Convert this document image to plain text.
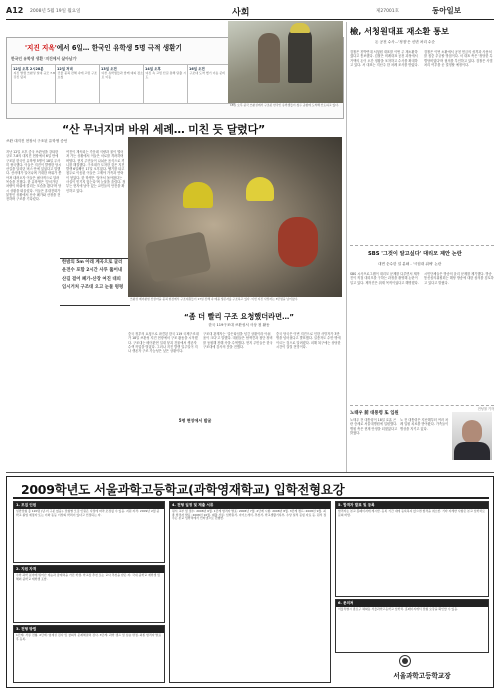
A12 2008년 5월 19일 월요일	사회	제27001호	동아일보
'지진 지옥'에서 6일… 한국인 유학생 5명 극적 생환기
한국인 유학생 생환 '지진에서 살아남기'
12일 오후 2시28분
지진 발생 쓰촨성 일대 규모 7.8 강진 덮쳐
12일 저녁
건물 붕괴 잔해 속에 고립 구조 요청
13일 오전
다른 유학생들과 함께 대피 장소로 이동
14일 오후
여진 속 고립 산길 통해 탈출 시도
16일 오전
구조대 도착 헬기 이송 준비
18일 오후 중국 쓰촨성에서 구조된 한국인 유학생들이 청두 공항에 도착해 안도하고 있다.
“산 무너지며 바위 세례… 미친 듯 달렸다”
쓰촨 대지진 현장서 구조된 유학생 증언
지난 12일 오후 중국 쓰촨성을 강타한 규모 7.8의 대지진 현장에서 6일 만에 구조된 한국인 유학생 5명이 18일 무사히 귀국했다. 이들은 지진이 발생한 당시 산길을 달리던 버스 안에 있었다고 말했다. 산사태가 일어나며 거대한 바위가 쏟아져 내려오자 이들은 필사적으로 달려 목숨을 건졌다. 한 유학생은 '앞서가던 차량이 바위에 깔리는 모습을 봤다'며 당시 상황을 떠올렸다. 이들은 휴대전화가 불통인 상황에서 산속 폐가와 산장을 전전하며 구조를 기다렸다.
여진이 계속되는 가운데 식량과 물이 떨어져 가는 상황에서 이들은 서로를 격려하며 버텼다. 현지 주민들이 나눠준 음식으로 끼니를 해결했다. 구조대가 도착한 것은 지진 발생 6일째인 17일 오후였다. 헬기를 타고 청두로 이송된 이들은 그제야 가족과 연락이 닿았다. 한 학생은 '살아서 돌아왔다는 사실이 믿기지 않는다'며 눈물을 흘렸다. 정부는 현지에 남아 있는 교민들의 안전을 확인하고 있다.
한밤의 5m 아래 계곡으로 굴러
운전수 포함 2시간 사투 뚫어내
산길 걸어 폐가-산장 여진 대피
임시거처 구조대 오고 눈물 펑펑
쓰촨성 베이촨현 산골마을 붕괴 현장에서 구조대원들이 17일 잔해 속 매몰 생존자를 구조하고 있다. 이번 지진 사망자는 3만명을 넘어섰다.
“좀 더 빨리 구조 요청했더라면…”
한국 119구조대 쓰촨성서 사상 첫 활동
중국 정부의 요청으로 파견된 한국 119 국제구조대가 18일 쓰촨성 지진 현장에서 구조 활동을 시작했다. 구조대는 베이촨현 일대 붕괴 건물에서 생존자 수색 작업을 벌였다. 그러나 지진 발생 일주일이 지나 생존자 구조 가능성은 낮은 상황이다.
구조대 관계자는 '골든타임을 넘긴 상황이라 아쉬움이 크다'고 말했다. 대원들은 탐색견과 첨단 장비를 동원해 잔해 속을 수색했다. 현지 주민들은 한국 구조대에 감사의 뜻을 전했다.
중국 당국은 이번 지진으로 인한 사망자가 3만 명을 넘어섰다고 발표했다. 실종자도 수만 명에 이르는 것으로 알려졌다. 피해 복구에는 상당한 시간이 걸릴 전망이다.
5명 현장에서 발굴
檢, 서청원대표 재소환 통보
돈 공천 수사…'정점'은 신변 처리 수순
검찰은 친박연대 서청원 대표를 이번 주 재소환하겠다고 통보했다. 검찰은 비례대표 공천 과정에서 거액의 돈이 오간 정황을 포착하고 수사를 확대하고 있다. 서 대표는 지난주 한 차례 조사를 받았다.
검찰은 이번 소환에서 공천 헌금의 성격과 사용처를 집중 추궁할 방침이다. 서 대표 측은 '정당한 특별당비였다'며 혐의를 부인하고 있다. 검찰은 사법처리 여부를 곧 결정할 예정이다.
SBS '그것이 알고싶다' 대리모 제안 논란
대면 순수한 얼 분쇄 - '시험대 위에' 논란
SBS 시사프로그램이 대리모 문제를 다루면서 제작진이 직접 대리모를 구하는 과정을 촬영해 논란이 일고 있다. 제작진은 취재 목적이었다고 해명했다.
시민단체들은 방송의 윤리 문제를 제기했다. 방송통신심의위원회는 해당 방송에 대한 심의를 검토하고 있다고 밝혔다.
전성철 기자
노태우 前 대통령 또 입원
노태우 전 대통령이 18일 호흡 곤란 증세로 서울대병원에 입원했다. 병원 측은 현재 안정을 되찾았다고 밝혔다.
노 전 대통령은 지난해부터 여러 차례 입원 치료를 받아왔다. 가족들이 병상을 지키고 있다.
2009학년도 서울과학고등학교(과학영재학교) 입학전형요강
1. 모집 인원
일반전형 총 120명 (남·녀 구분 없음). 전형별 모집 인원은 사정에 따라 조정될 수 있음. 지원 자격: 2009년 2월 중학교 졸업 예정자 또는 이와 동등 이상의 학력이 있다고 인정되는 자.
2. 지원 자격
수학·과학 분야에 뛰어난 재능과 잠재력을 가진 학생. 학교장 추천 또는 교사 추천을 받은 자. 국내 중학교 재학생 및 해외 중학교 재학생 포함.
3. 전형 방법
1단계: 서류 전형. 2단계: 영재성 검사 및 창의적 문제해결력 검사. 3단계: 과학 캠프 및 심층 면접. 최종 합격자 발표 후 등록.
4. 전형 일정 및 제출 서류
원서 교부 및 접수: 2008년 6월. 1단계 합격자 발표: 2008년 7월. 2단계 시험: 2008년 8월. 3단계 캠프: 2008년 9월. 최종 합격자 발표: 2008년 10월. 제출 서류: 입학원서, 자기소개서, 추천서, 학교생활기록부, 수상 실적 증빙 자료 등. 원서 접수는 본교 입학처에서 인터넷으로 진행함.
5. 합격자 발표 및 등록
합격자는 본교 홈페이지에 게시함. 등록 기간 내에 등록하지 않으면 합격을 취소함. 기타 자세한 사항은 본교 입학처로 문의 바람.
6. 문의처
서울특별시 종로구 혜화동 서울과학고등학교 입학처. 홈페이지에서 전형 요강을 확인할 수 있음.
서울과학고등학교장
